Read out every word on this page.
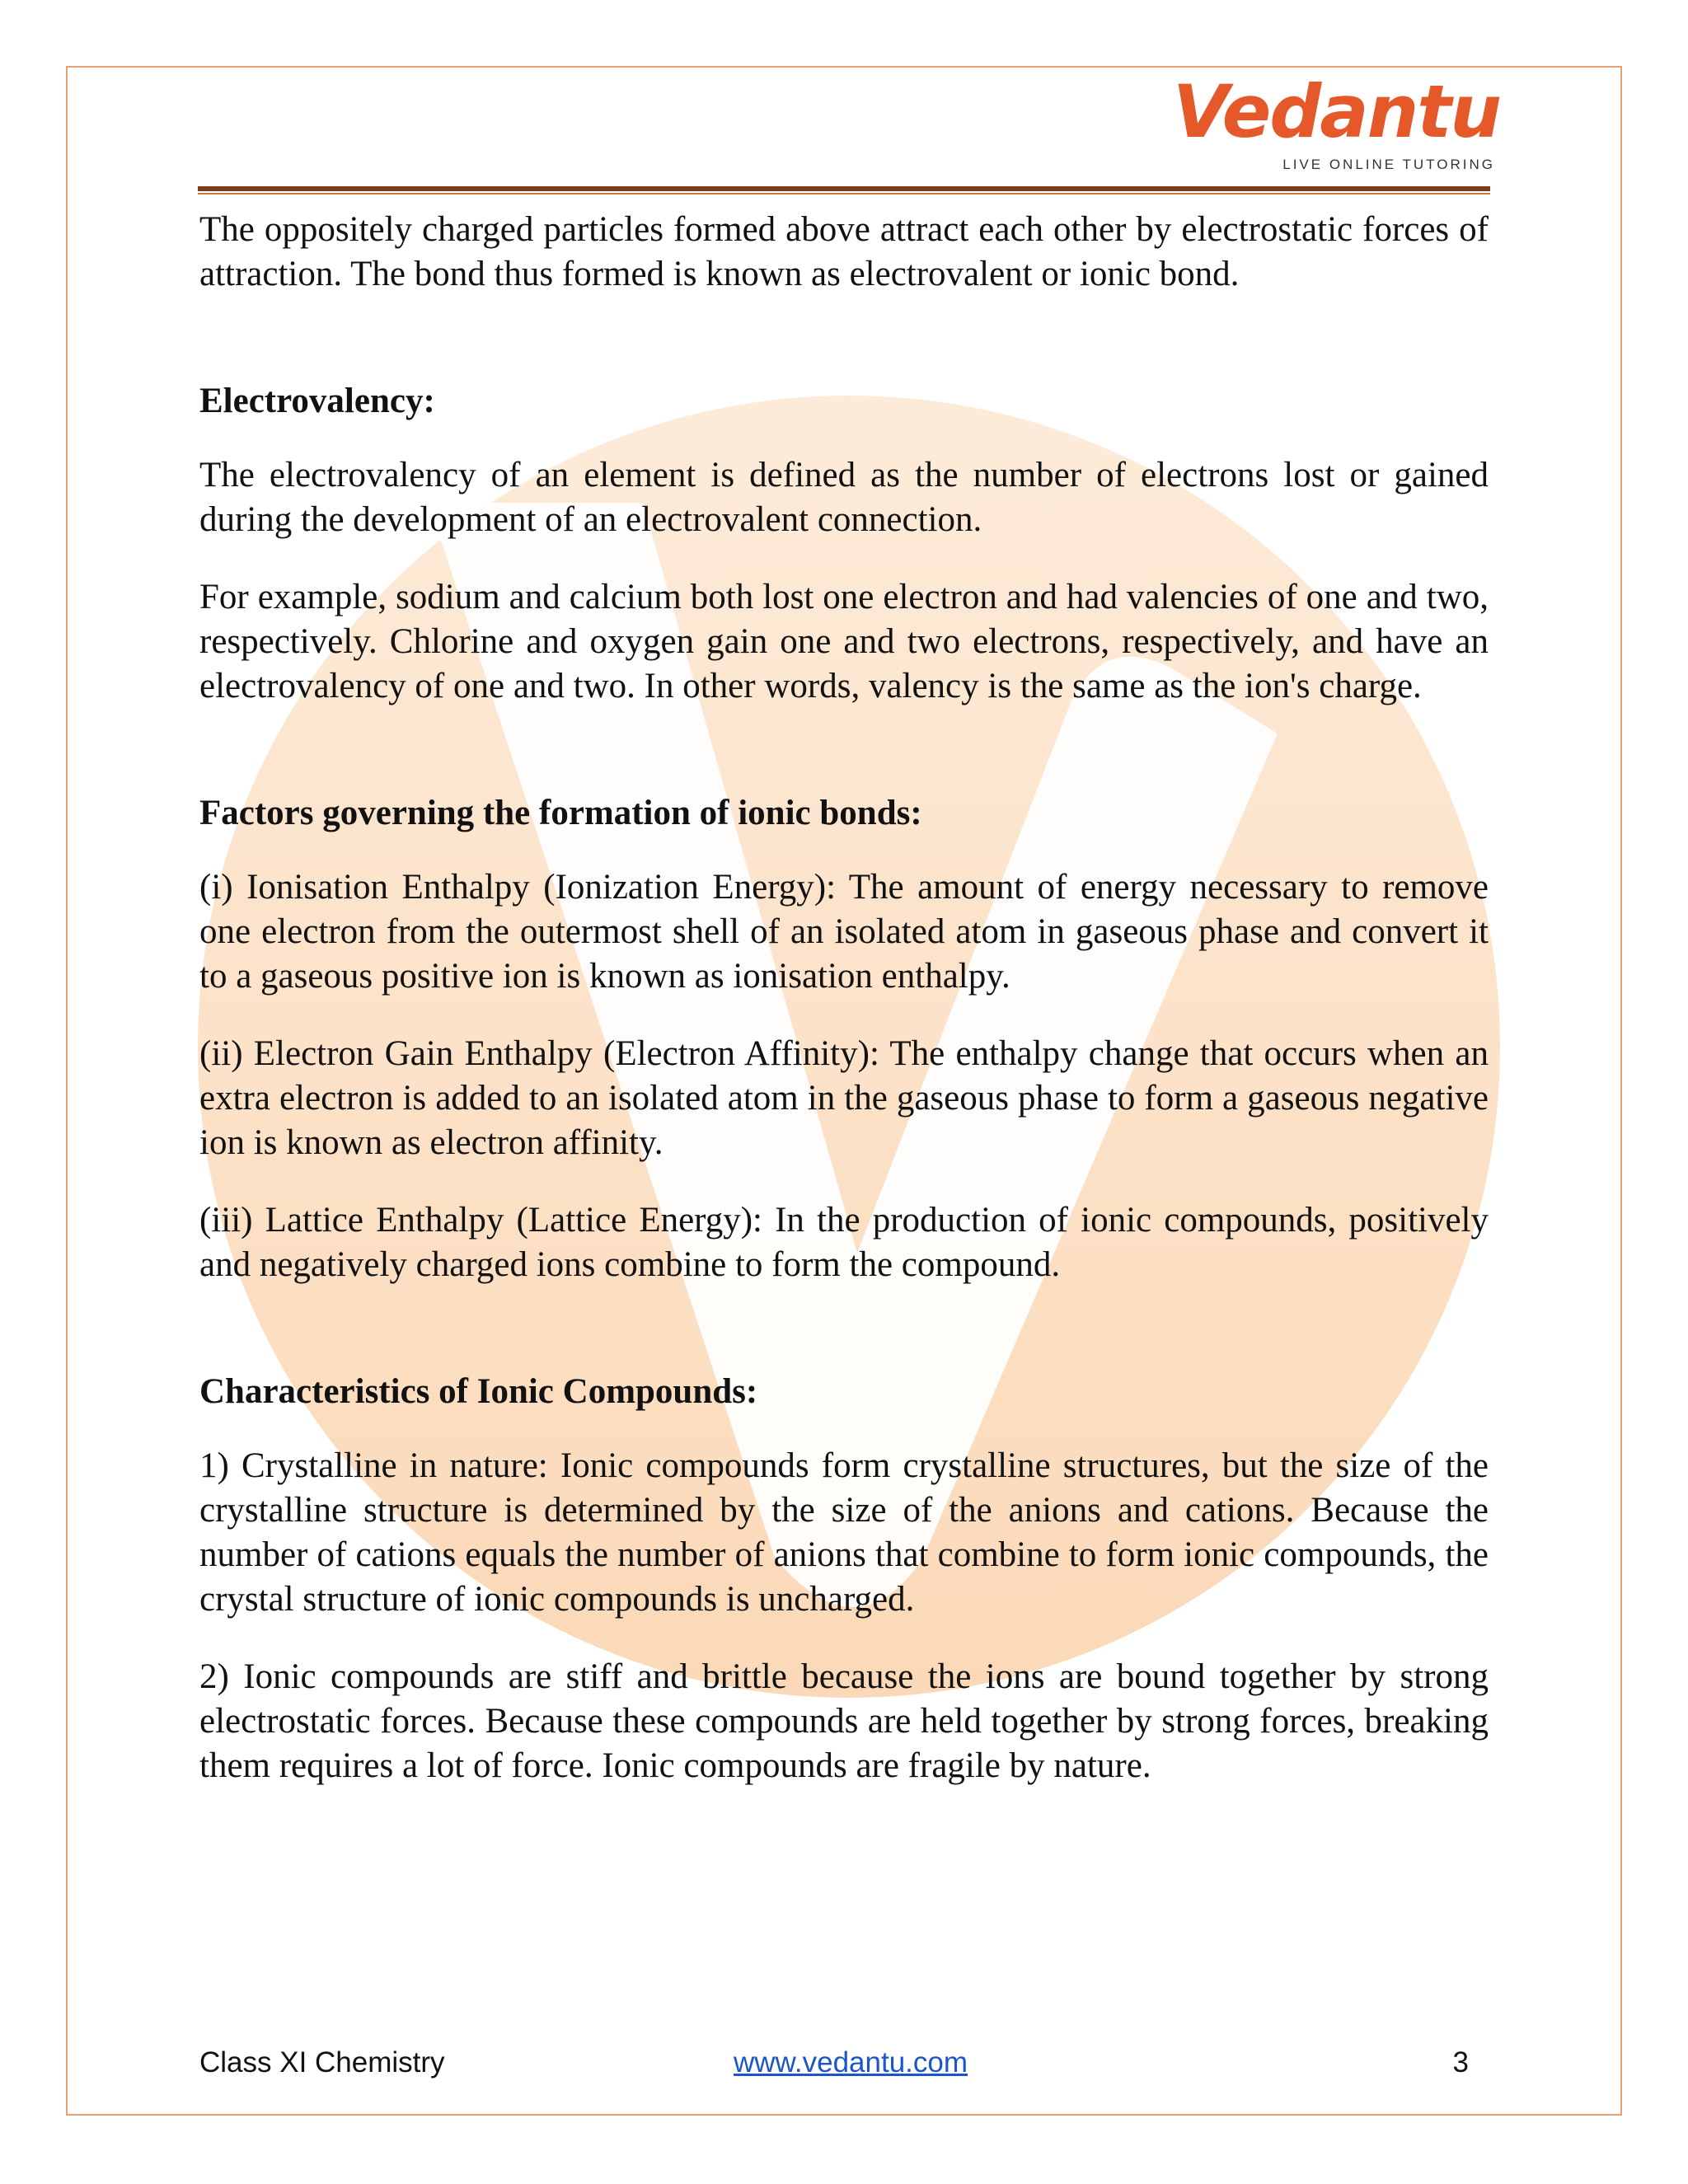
Vedantu
LIVE ONLINE TUTORING

The oppositely charged particles formed above attract each other by electrostatic forces of attraction. The bond thus formed is known as electrovalent or ionic bond.

Electrovalency:

The electrovalency of an element is defined as the number of electrons lost or gained during the development of an electrovalent connection.

For example, sodium and calcium both lost one electron and had valencies of one and two, respectively. Chlorine and oxygen gain one and two electrons, respectively, and have an electrovalency of one and two. In other words, valency is the same as the ion's charge.

Factors governing the formation of ionic bonds:

(i) Ionisation Enthalpy (Ionization Energy): The amount of energy necessary to remove one electron from the outermost shell of an isolated atom in gaseous phase and convert it to a gaseous positive ion is known as ionisation enthalpy.

(ii) Electron Gain Enthalpy (Electron Affinity): The enthalpy change that occurs when an extra electron is added to an isolated atom in the gaseous phase to form a gaseous negative ion is known as electron affinity.

(iii) Lattice Enthalpy (Lattice Energy): In the production of ionic compounds, positively and negatively charged ions combine to form the compound.

Characteristics of Ionic Compounds:

1) Crystalline in nature: Ionic compounds form crystalline structures, but the size of the crystalline structure is determined by the size of the anions and cations. Because the number of cations equals the number of anions that combine to form ionic compounds, the crystal structure of ionic compounds is uncharged.

2) Ionic compounds are stiff and brittle because the ions are bound together by strong electrostatic forces. Because these compounds are held together by strong forces, breaking them requires a lot of force. Ionic compounds are fragile by nature.

Class XI Chemistry	www.vedantu.com	3
